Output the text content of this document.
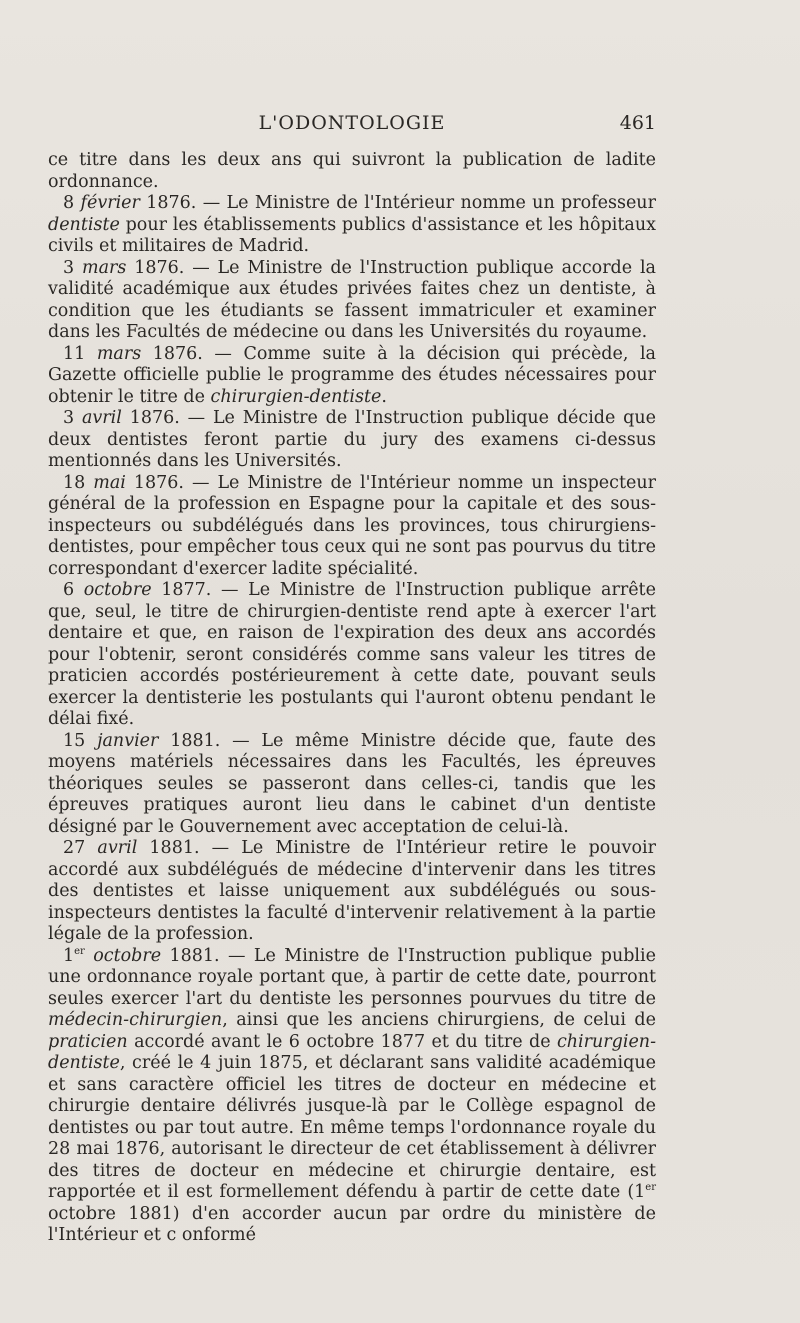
L'ODONTOLOGIE	461

ce titre dans les deux ans qui suivront la publication de ladite ordonnance.

8 février 1876. — Le Ministre de l'Intérieur nomme un professeur dentiste pour les établissements publics d'assistance et les hôpitaux civils et militaires de Madrid.

3 mars 1876. — Le Ministre de l'Instruction publique accorde la validité académique aux études privées faites chez un dentiste, à condition que les étudiants se fassent immatriculer et examiner dans les Facultés de médecine ou dans les Universités du royaume.

11 mars 1876. — Comme suite à la décision qui précède, la Gazette officielle publie le programme des études nécessaires pour obtenir le titre de chirurgien-dentiste.

3 avril 1876. — Le Ministre de l'Instruction publique décide que deux dentistes feront partie du jury des examens ci-dessus mentionnés dans les Universités.

18 mai 1876. — Le Ministre de l'Intérieur nomme un inspecteur général de la profession en Espagne pour la capitale et des sous-inspecteurs ou subdélégués dans les provinces, tous chirurgiens-dentistes, pour empêcher tous ceux qui ne sont pas pourvus du titre correspondant d'exercer ladite spécialité.

6 octobre 1877. — Le Ministre de l'Instruction publique arrête que, seul, le titre de chirurgien-dentiste rend apte à exercer l'art dentaire et que, en raison de l'expiration des deux ans accordés pour l'obtenir, seront considérés comme sans valeur les titres de praticien accordés postérieurement à cette date, pouvant seuls exercer la dentisterie les postulants qui l'auront obtenu pendant le délai fixé.

15 janvier 1881. — Le même Ministre décide que, faute des moyens matériels nécessaires dans les Facultés, les épreuves théoriques seules se passeront dans celles-ci, tandis que les épreuves pratiques auront lieu dans le cabinet d'un dentiste désigné par le Gouvernement avec acceptation de celui-là.

27 avril 1881. — Le Ministre de l'Intérieur retire le pouvoir accordé aux subdélégués de médecine d'intervenir dans les titres des dentistes et laisse uniquement aux subdélégués ou sous-inspecteurs dentistes la faculté d'intervenir relativement à la partie légale de la profession.

1er octobre 1881. — Le Ministre de l'Instruction publique publie une ordonnance royale portant que, à partir de cette date, pourront seules exercer l'art du dentiste les personnes pourvues du titre de médecin-chirurgien, ainsi que les anciens chirurgiens, de celui de praticien accordé avant le 6 octobre 1877 et du titre de chirurgien-dentiste, créé le 4 juin 1875, et déclarant sans validité académique et sans caractère officiel les titres de docteur en médecine et chirurgie dentaire délivrés jusque-là par le Collège espagnol de dentistes ou par tout autre. En même temps l'ordonnance royale du 28 mai 1876, autorisant le directeur de cet établissement à délivrer des titres de docteur en médecine et chirurgie dentaire, est rapportée et il est formellement défendu à partir de cette date (1er octobre 1881) d'en accorder aucun par ordre du ministère de l'Intérieur et c onformé
